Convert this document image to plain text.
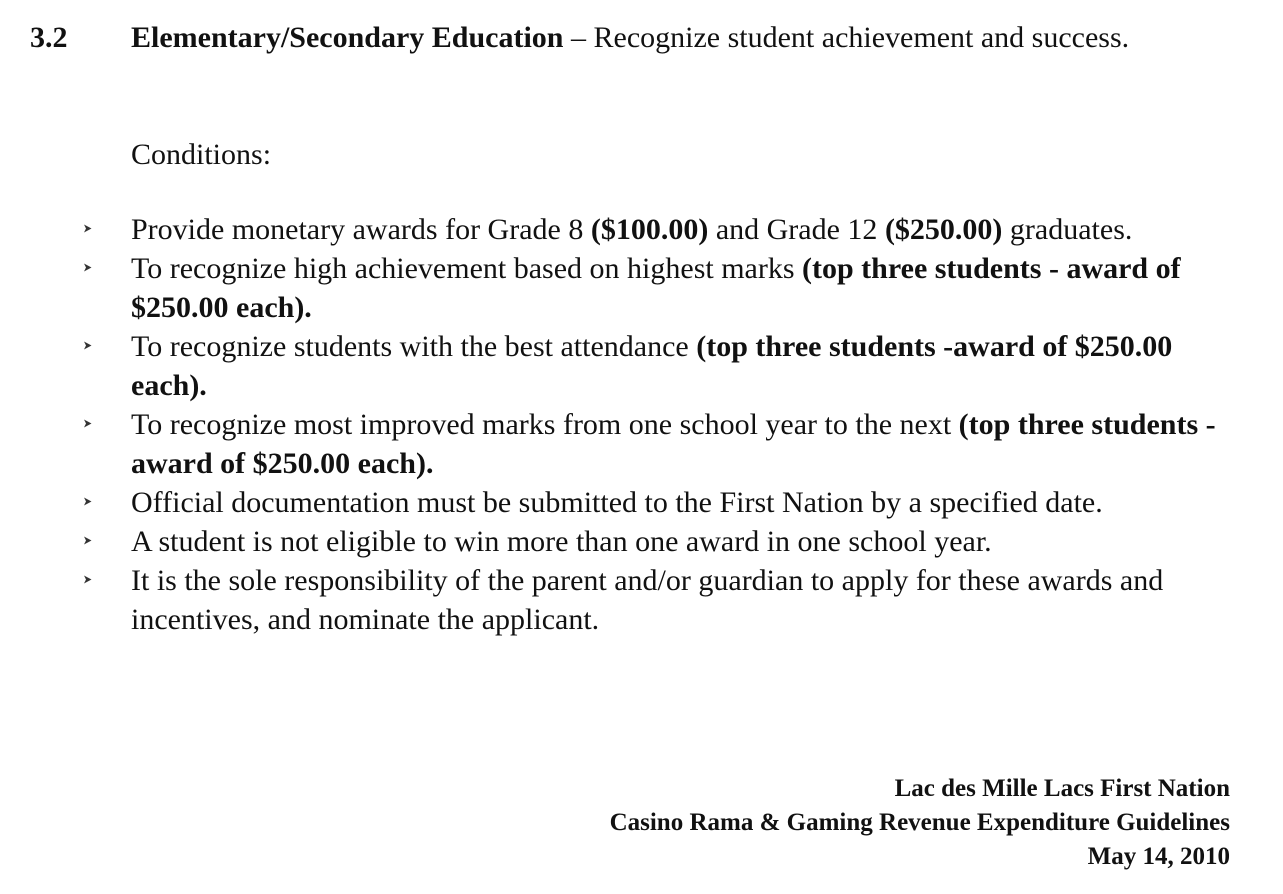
3.2 Elementary/Secondary Education – Recognize student achievement and success.
Conditions:
Provide monetary awards for Grade 8 ($100.00) and Grade 12 ($250.00) graduates.
To recognize high achievement based on highest marks (top three students - award of $250.00 each).
To recognize students with the best attendance (top three students -award of $250.00 each).
To recognize most improved marks from one school year to the next (top three students - award of $250.00 each).
Official documentation must be submitted to the First Nation by a specified date.
A student is not eligible to win more than one award in one school year.
It is the sole responsibility of the parent and/or guardian to apply for these awards and incentives, and nominate the applicant.
Lac des Mille Lacs First Nation
Casino Rama & Gaming Revenue Expenditure Guidelines
May 14, 2010
